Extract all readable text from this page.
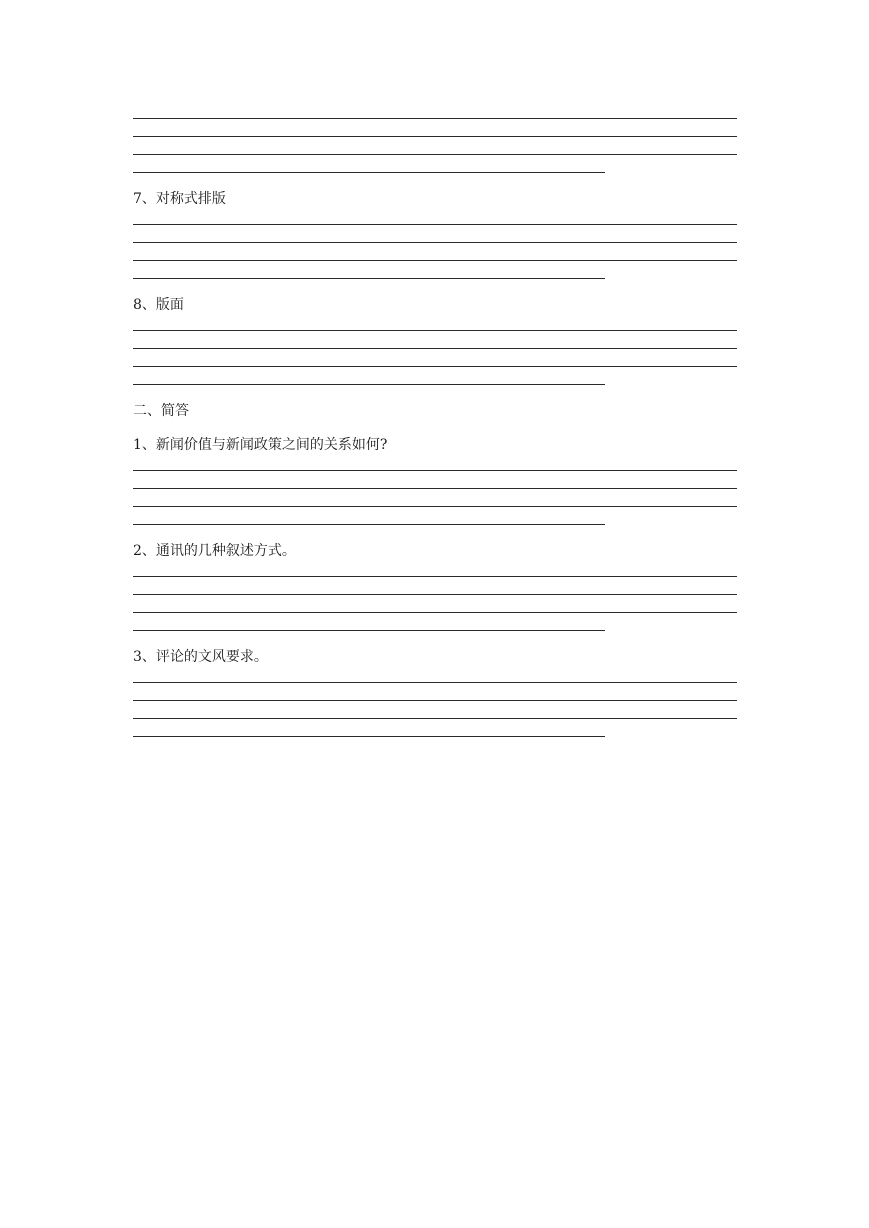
7、对称式排版
8、版面
二、简答
1、新闻价值与新闻政策之间的关系如何?
2、通讯的几种叙述方式。
3、评论的文风要求。
